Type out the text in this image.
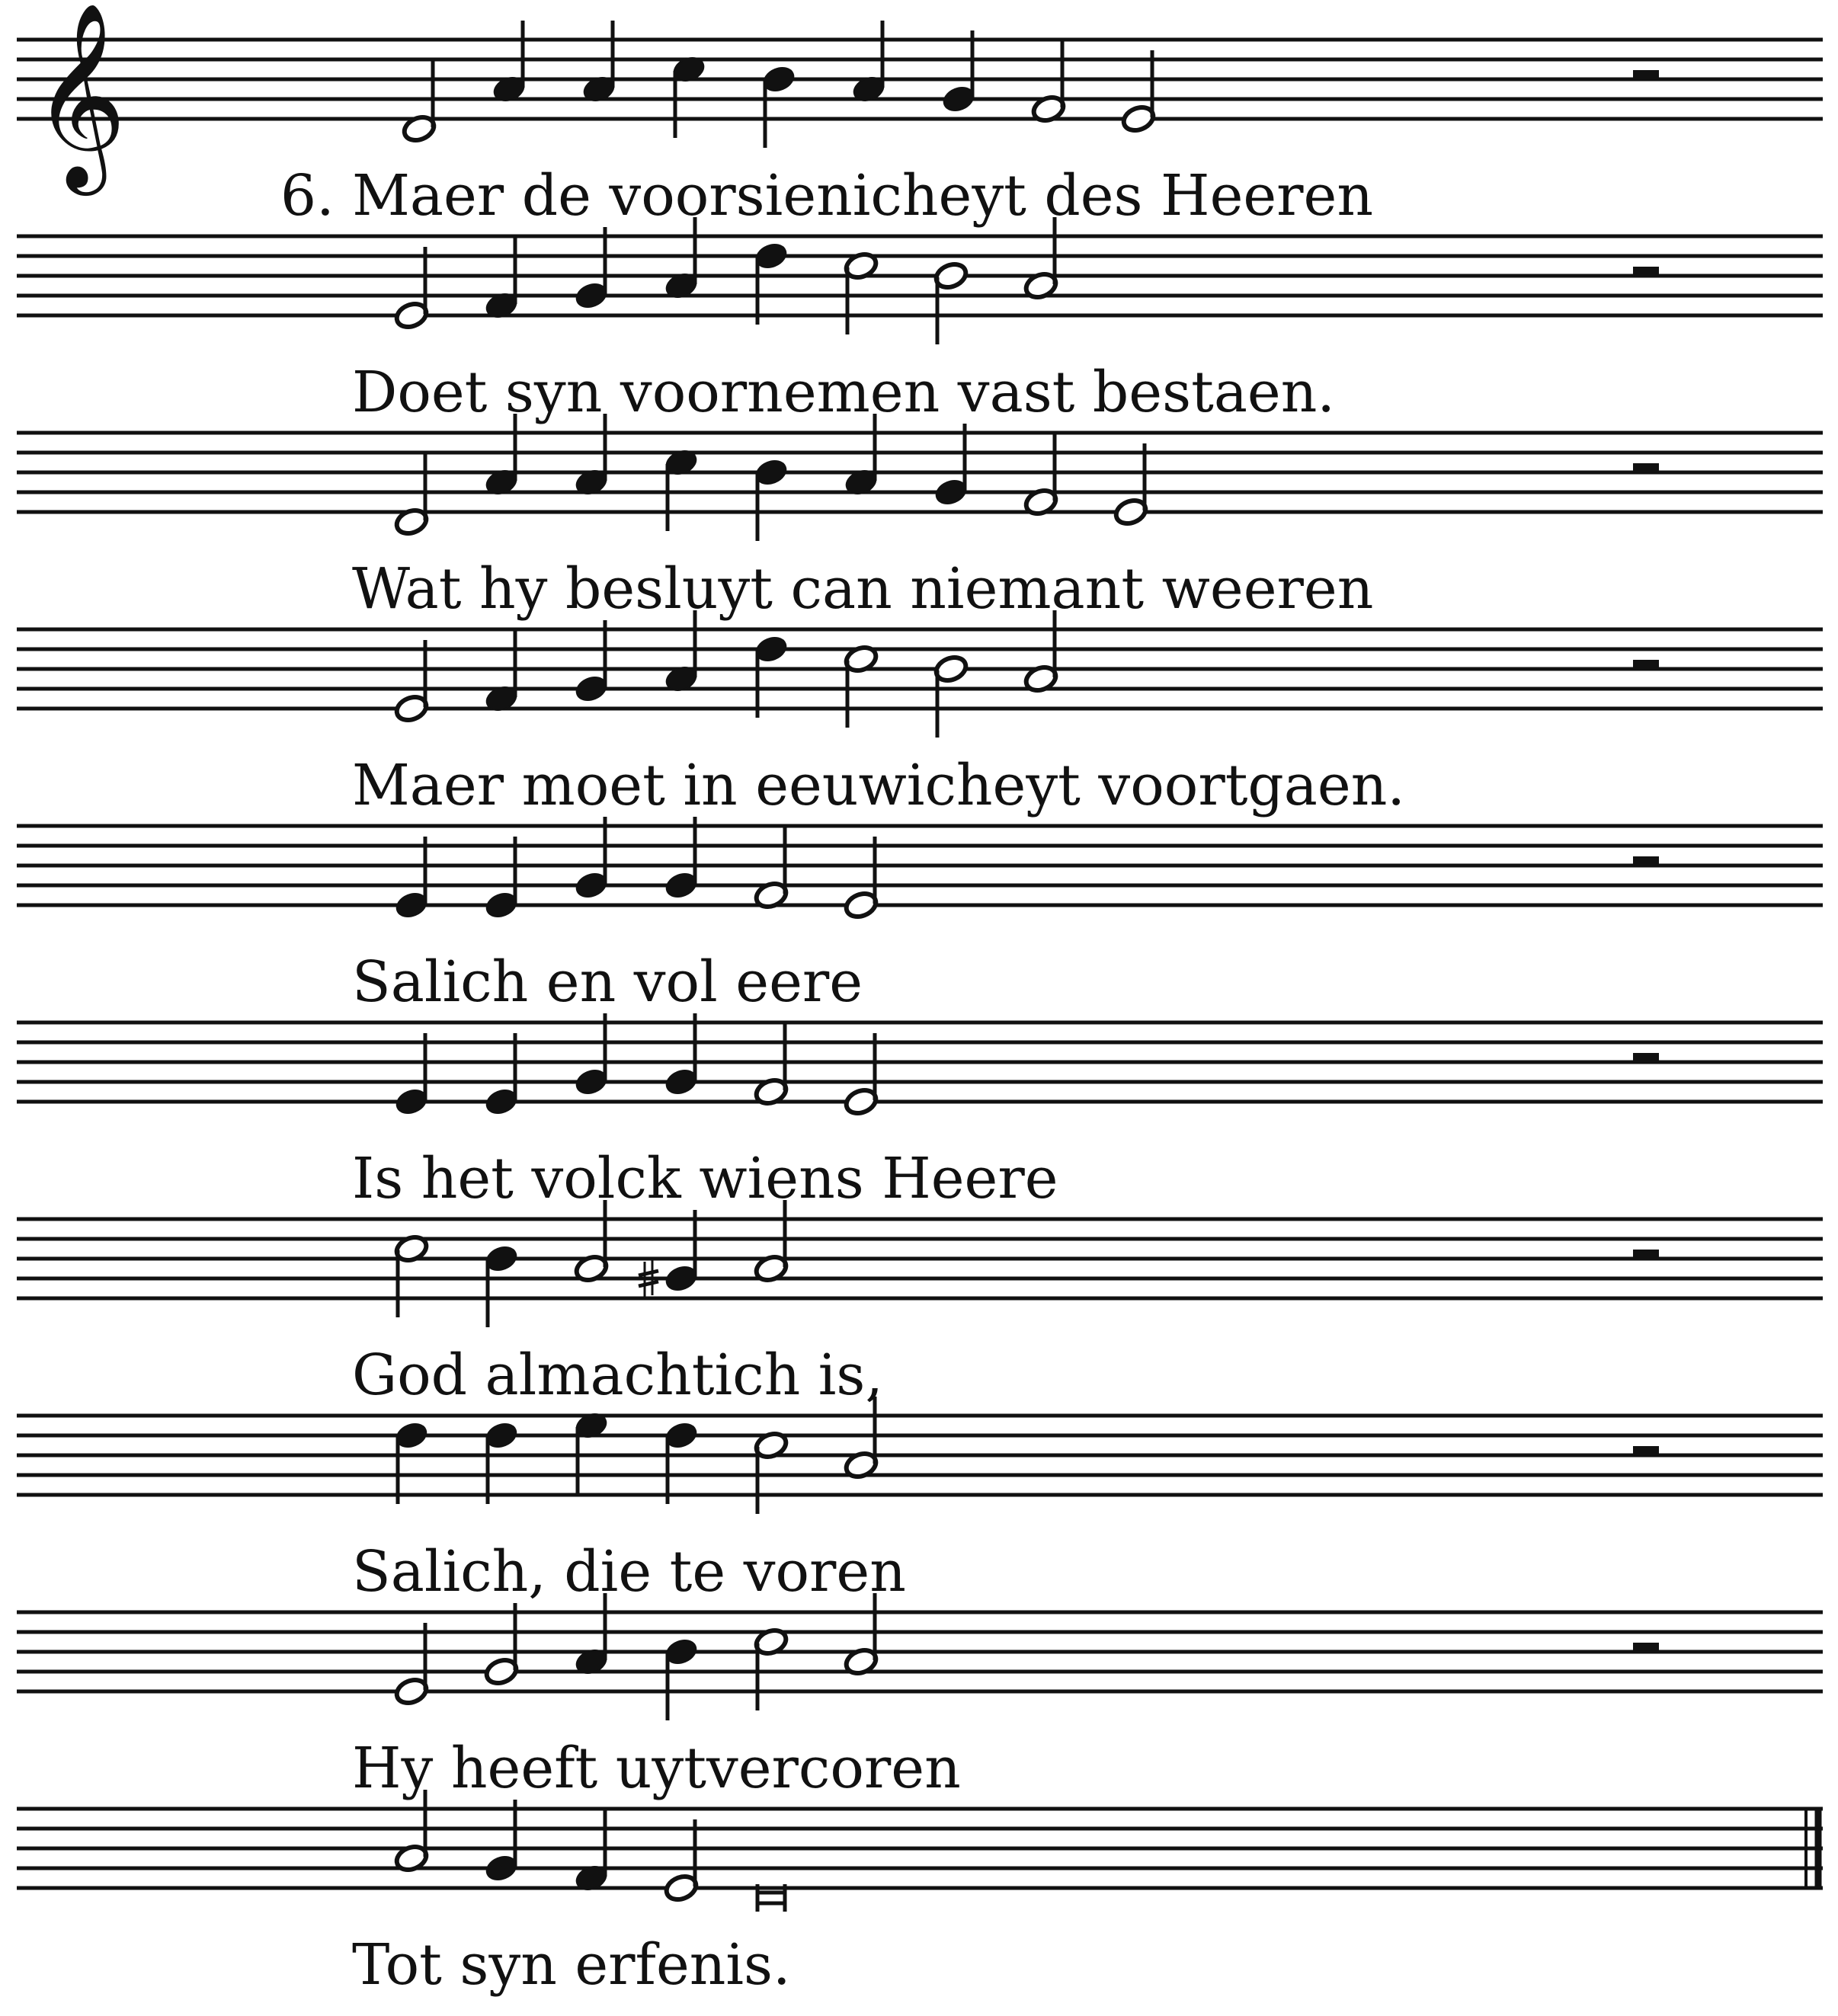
𝄞
6. Maer de voorsienicheyt des Heeren
Doet syn voornemen vast bestaen.
Wat hy besluyt can niemant weeren
Maer moet in eeuwicheyt voortgaen.
Salich en vol eere
Is het volck wiens Heere
God almachtich is,
Salich, die te voren
Hy heeft uytvercoren
Tot syn erfenis.
